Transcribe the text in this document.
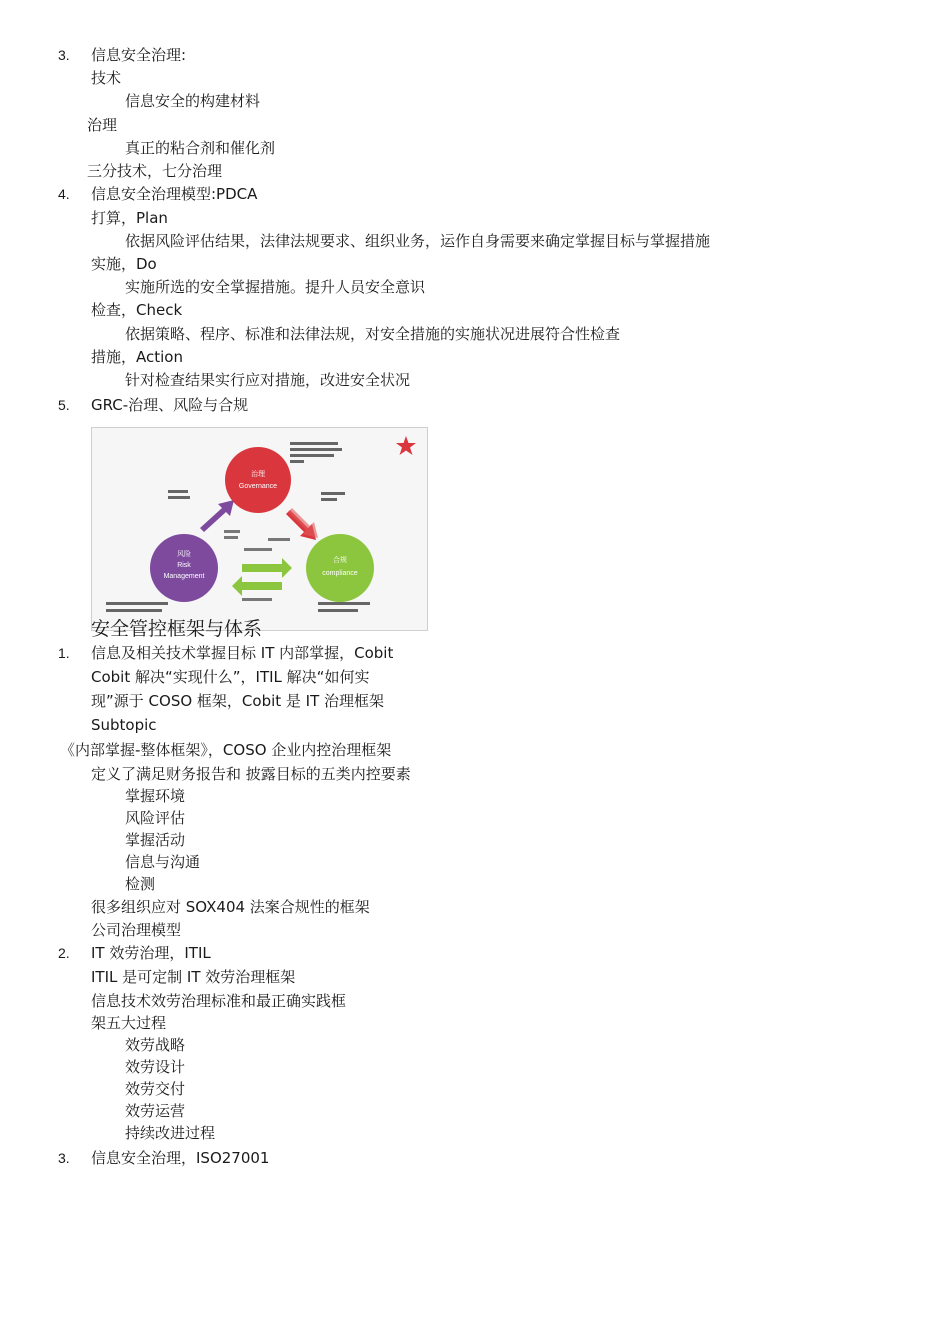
3. 信息安全治理:
技术
信息安全的构建材料
治理
真正的粘合剂和催化剂
三分技术，七分治理
4. 信息安全治理模型:PDCA
打算，Plan
依据风险评估结果，法律法规要求、组织业务，运作自身需要来确定掌握目标与掌握措施
实施，Do
实施所选的安全掌握措施。提升人员安全意识
检查，Check
依据策略、程序、标准和法律法规，对安全措施的实施状况进展符合性检查
措施，Action
针对检查结果实行应对措施，改进安全状况
5. GRC-治理、风险与合规
治理
Governance
风险
Risk
Management
合规
compliance
安全管控框架与体系
1. 信息及相关技术掌握目标 IT 内部掌握，Cobit
Cobit 解决“实现什么”，ITIL 解决“如何实
现”源于 COSO 框架，Cobit 是 IT 治理框架
Subtopic
《内部掌握-整体框架》，COSO 企业内控治理框架
定义了满足财务报告和 披露目标的五类内控要素
掌握环境
风险评估
掌握活动
信息与沟通
检测
很多组织应对 SOX404 法案合规性的框架
公司治理模型
2. IT 效劳治理，ITIL
ITIL 是可定制 IT 效劳治理框架
信息技术效劳治理标准和最正确实践框
架五大过程
效劳战略
效劳设计
效劳交付
效劳运营
持续改进过程
3. 信息安全治理，ISO27001
